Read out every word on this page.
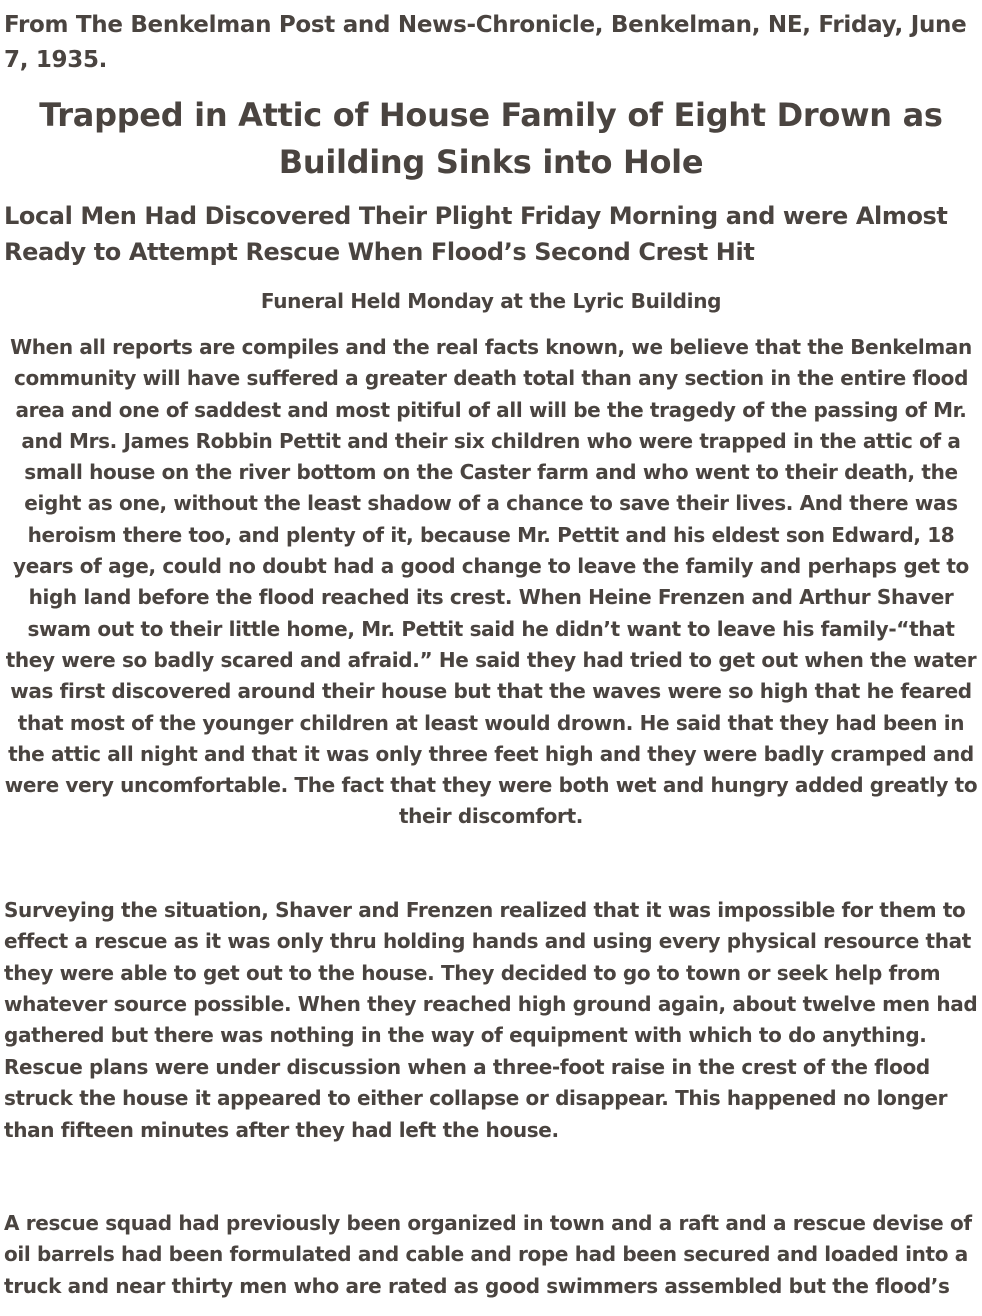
From The Benkelman Post and News-Chronicle, Benkelman, NE, Friday, June 7, 1935.
Trapped in Attic of House Family of Eight Drown as Building Sinks into Hole
Local Men Had Discovered Their Plight Friday Morning and were Almost Ready to Attempt Rescue When Flood’s Second Crest Hit
Funeral Held Monday at the Lyric Building
When all reports are compiles and the real facts known, we believe that the Benkelman community will have suffered a greater death total than any section in the entire flood area and one of saddest and most pitiful of all will be the tragedy of the passing of Mr. and Mrs. James Robbin Pettit and their six children who were trapped in the attic of a small house on the river bottom on the Caster farm and who went to their death, the eight as one, without the least shadow of a chance to save their lives. And there was heroism there too, and plenty of it, because Mr. Pettit and his eldest son Edward, 18 years of age, could no doubt had a good change to leave the family and perhaps get to high land before the flood reached its crest. When Heine Frenzen and Arthur Shaver swam out to their little home, Mr. Pettit said he didn’t want to leave his family-“that they were so badly scared and afraid.” He said they had tried to get out when the water was first discovered around their house but that the waves were so high that he feared that most of the younger children at least would drown. He said that they had been in the attic all night and that it was only three feet high and they were badly cramped and were very uncomfortable. The fact that they were both wet and hungry added greatly to their discomfort.
Surveying the situation, Shaver and Frenzen realized that it was impossible for them to effect a rescue as it was only thru holding hands and using every physical resource that they were able to get out to the house. They decided to go to town or seek help from whatever source possible. When they reached high ground again, about twelve men had gathered but there was nothing in the way of equipment with which to do anything. Rescue plans were under discussion when a three-foot raise in the crest of the flood struck the house it appeared to either collapse or disappear. This happened no longer than fifteen minutes after they had left the house.
A rescue squad had previously been organized in town and a raft and a rescue devise of oil barrels had been formulated and cable and rope had been secured and loaded into a truck and near thirty men who are rated as good swimmers assembled but the flood’s
